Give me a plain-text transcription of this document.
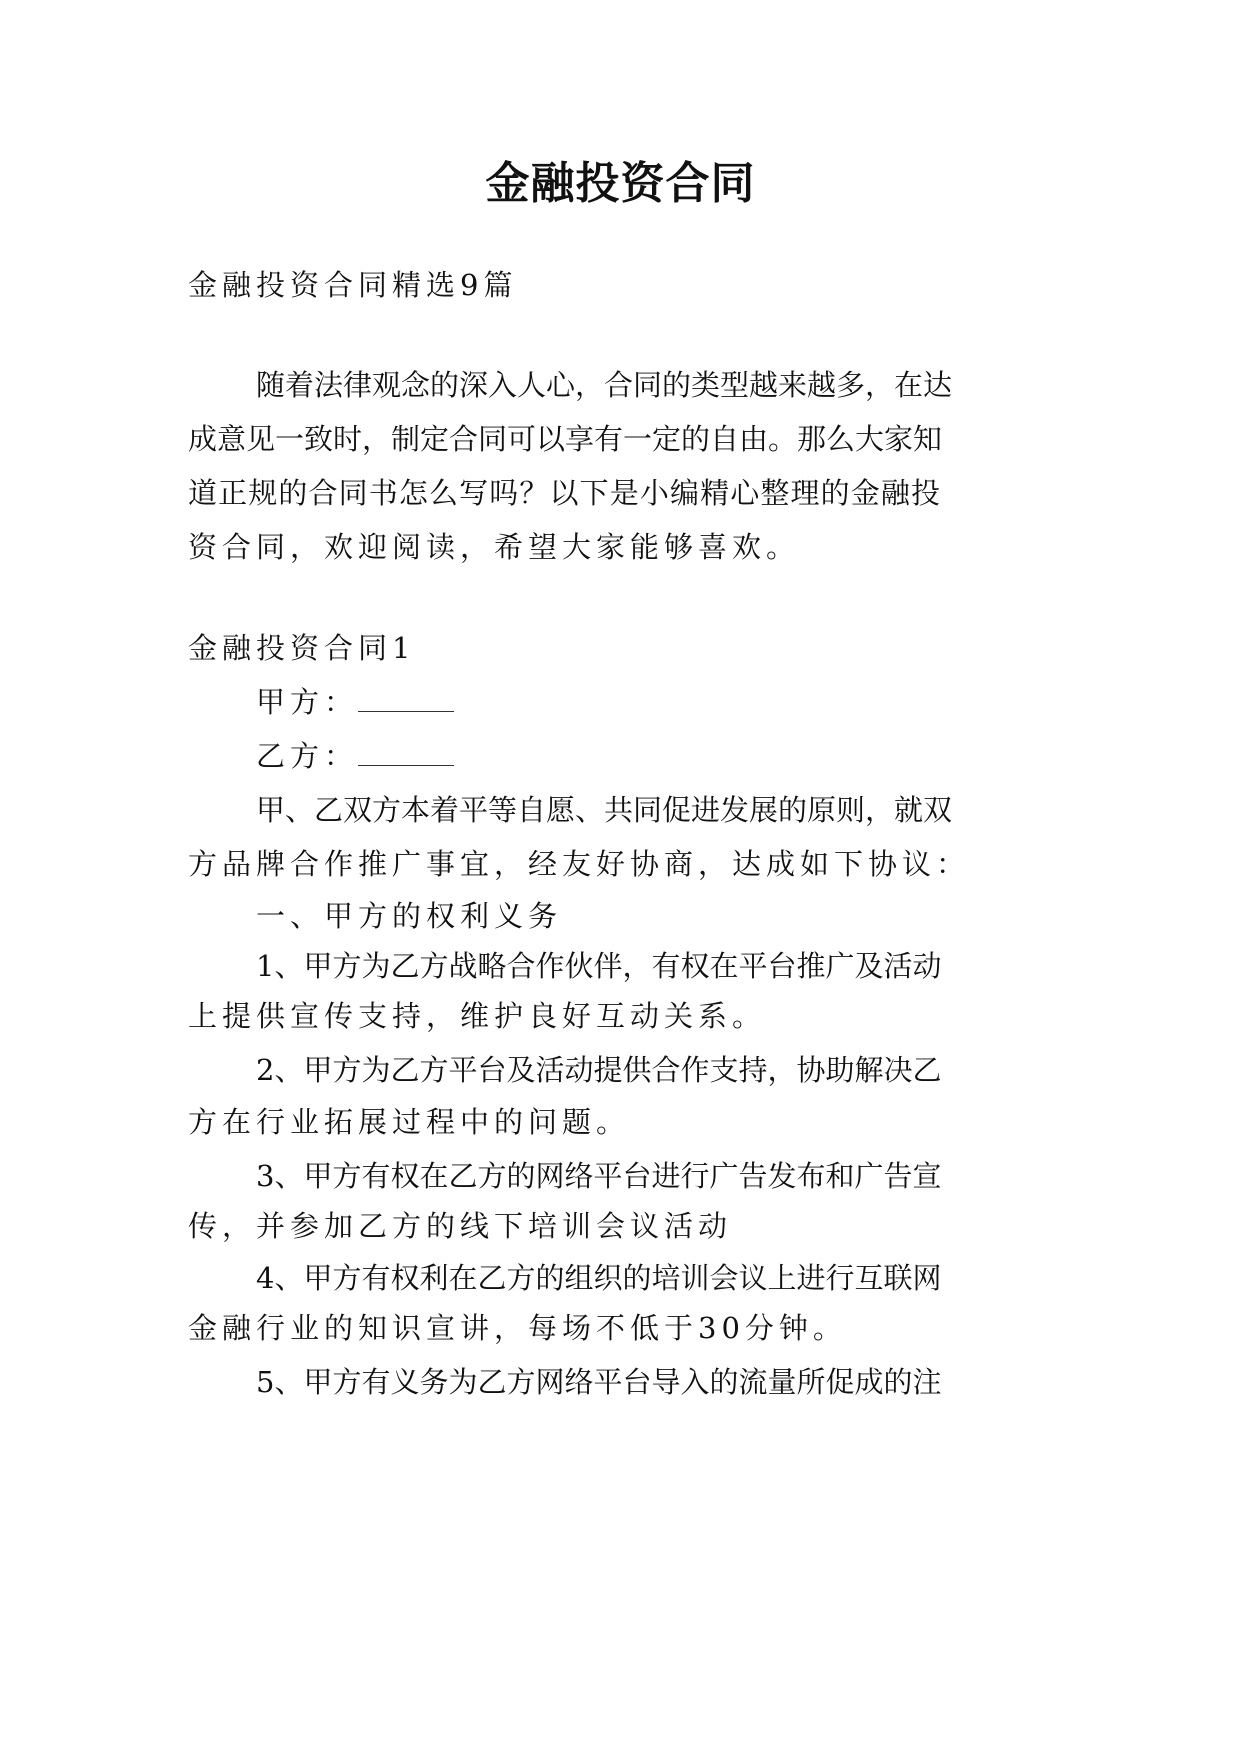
金融投资合同

金融投资合同精选9篇

随着法律观念的深入人心，合同的类型越来越多，在达

成意见一致时，制定合同可以享有一定的自由。那么大家知

道正规的合同书怎么写吗？以下是小编精心整理的金融投

资合同，欢迎阅读，希望大家能够喜欢。

金融投资合同1

甲方：

乙方：

甲、乙双方本着平等自愿、共同促进发展的原则，就双

方品牌合作推广事宜，经友好协商，达成如下协议：

一、甲方的权利义务

1、甲方为乙方战略合作伙伴，有权在平台推广及活动

上提供宣传支持，维护良好互动关系。

2、甲方为乙方平台及活动提供合作支持，协助解决乙

方在行业拓展过程中的问题。

3、甲方有权在乙方的网络平台进行广告发布和广告宣

传，并参加乙方的线下培训会议活动

4、甲方有权利在乙方的组织的培训会议上进行互联网

金融行业的知识宣讲，每场不低于30分钟。

5、甲方有义务为乙方网络平台导入的流量所促成的注
